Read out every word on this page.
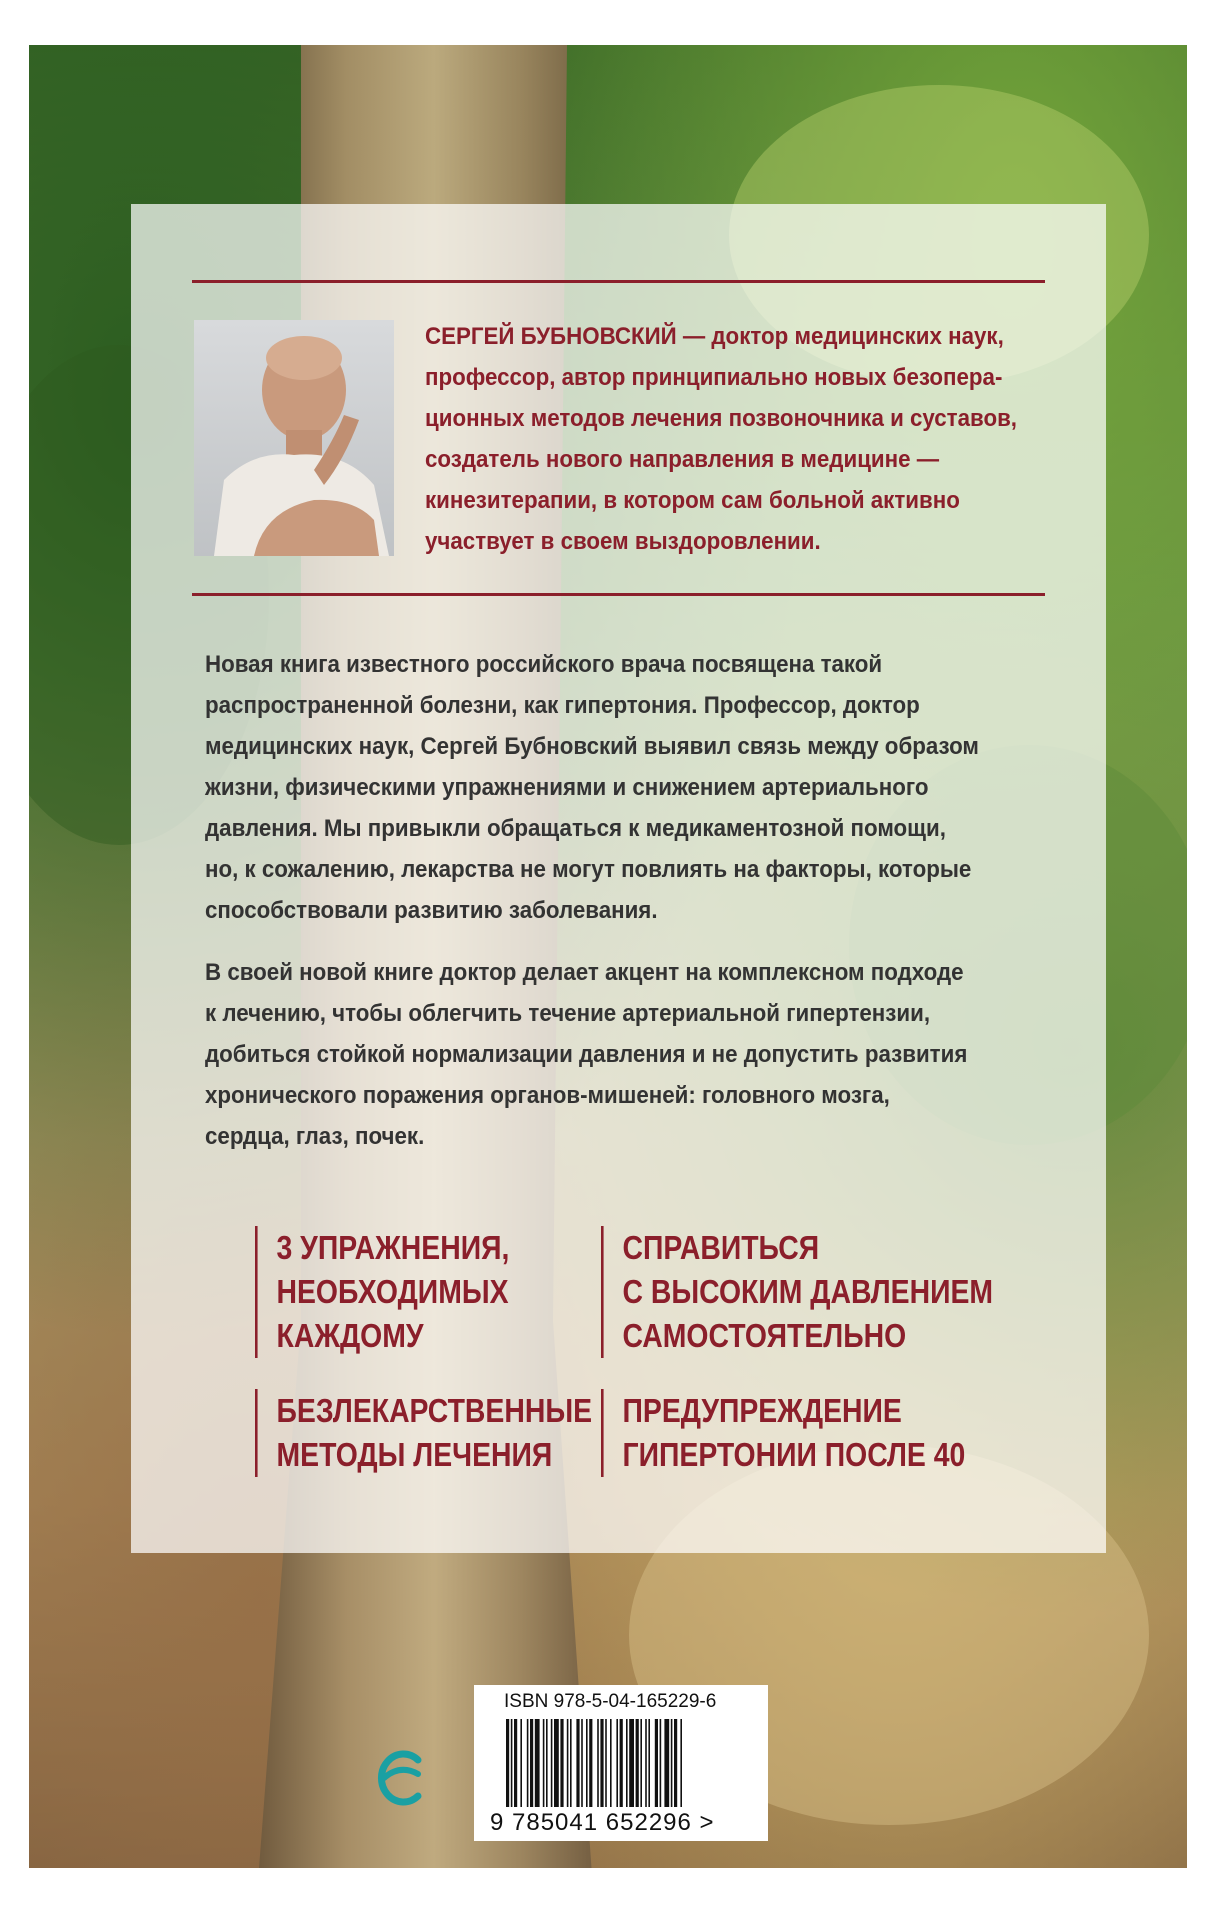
СЕРГЕЙ БУБНОВСКИЙ — доктор медицинских наук,
профессор, автор принципиально новых безопера-
ционных методов лечения позвоночника и суставов,
создатель нового направления в медицине —
кинезитерапии, в котором сам больной активно
участвует в своем выздоровлении.

Новая книга известного российского врача посвящена такой
распространенной болезни, как гипертония. Профессор, доктор
медицинских наук, Сергей Бубновский выявил связь между образом
жизни, физическими упражнениями и снижением артериального
давления. Мы привыкли обращаться к медикаментозной помощи,
но, к сожалению, лекарства не могут повлиять на факторы, которые
способствовали развитию заболевания.

В своей новой книге доктор делает акцент на комплексном подходе
к лечению, чтобы облегчить течение артериальной гипертензии,
добиться стойкой нормализации давления и не допустить развития
хронического поражения органов-мишеней: головного мозга,
сердца, глаз, почек.

3 УПРАЖНЕНИЯ,
НЕОБХОДИМЫХ
КАЖДОМУ
СПРАВИТЬСЯ
С ВЫСОКИМ ДАВЛЕНИЕМ
САМОСТОЯТЕЛЬНО
БЕЗЛЕКАРСТВЕННЫЕ
МЕТОДЫ ЛЕЧЕНИЯ
ПРЕДУПРЕЖДЕНИЕ
ГИПЕРТОНИИ ПОСЛЕ 40
ISBN 978-5-04-165229-6
9 785041 652296 >
